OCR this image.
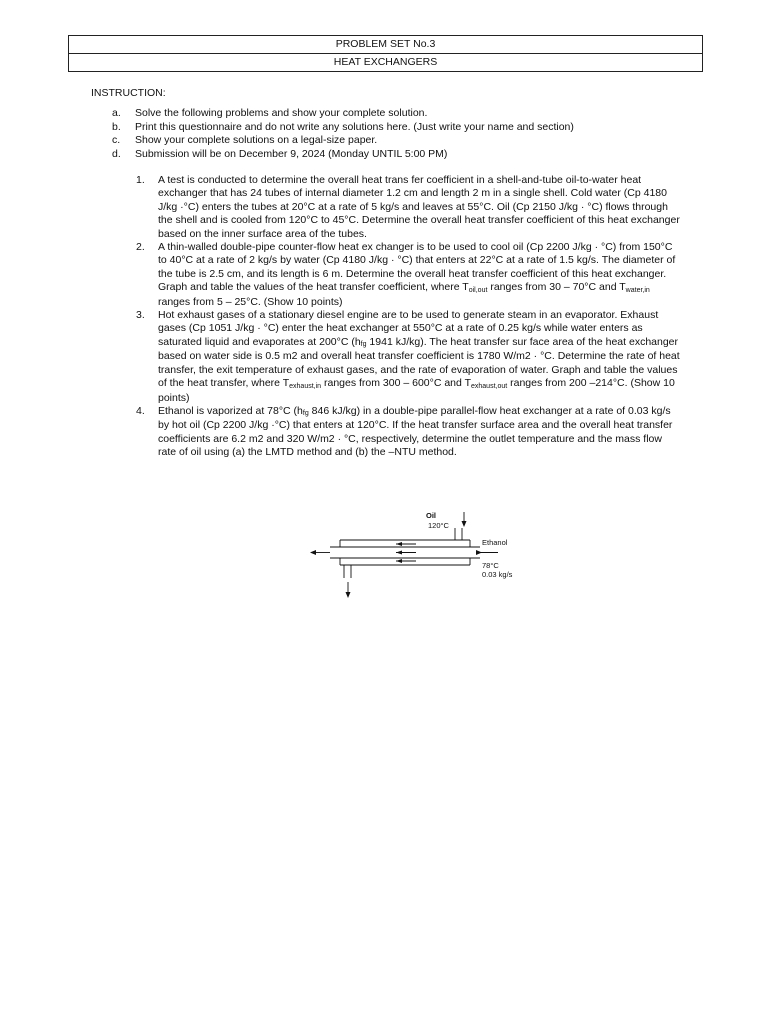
PROBLEM SET No.3
HEAT EXCHANGERS
INSTRUCTION:
a.	Solve the following problems and show your complete solution.
b.	Print this questionnaire and do not write any solutions here. (Just write your name and section)
c.	Show your complete solutions on a legal-size paper.
d.	Submission will be on December 9, 2024 (Monday UNTIL 5:00 PM)
1.	A test is conducted to determine the overall heat trans fer coefficient in a shell-and-tube oil-to-water heat exchanger that has 24 tubes of internal diameter 1.2 cm and length 2 m in a single shell. Cold water (Cp 4180 J/kg ·°C) enters the tubes at 20°C at a rate of 5 kg/s and leaves at 55°C. Oil (Cp 2150 J/kg · °C) flows through the shell and is cooled from 120°C to 45°C. Determine the overall heat transfer coefficient of this heat exchanger based on the inner surface area of the tubes.
2.	A thin-walled double-pipe counter-flow heat ex changer is to be used to cool oil (Cp 2200 J/kg · °C) from 150°C to 40°C at a rate of 2 kg/s by water (Cp 4180 J/kg · °C) that enters at 22°C at a rate of 1.5 kg/s. The diameter of the tube is 2.5 cm, and its length is 6 m. Determine the overall heat transfer coefficient of this heat exchanger. Graph and table the values of the heat transfer coefficient, where $T_{oil,out}$ ranges from 30 – 70°C and $T_{water,in}$ ranges from 5 – 25°C. (Show 10 points)
3.	Hot exhaust gases of a stationary diesel engine are to be used to generate steam in an evaporator. Exhaust gases (Cp 1051 J/kg · °C) enter the heat exchanger at 550°C at a rate of 0.25 kg/s while water enters as saturated liquid and evaporates at 200°C ($h_{fg}$ 1941 kJ/kg). The heat transfer sur face area of the heat exchanger based on water side is 0.5 m2 and overall heat transfer coefficient is 1780 W/m2 · °C. Determine the rate of heat transfer, the exit temperature of exhaust gases, and the rate of evaporation of water. Graph and table the values of the heat transfer, where $T_{exhaust,in}$ ranges from 300 – 600°C and $T_{exhaust,out}$ ranges from 200 –214°C. (Show 10 points)
4.	Ethanol is vaporized at 78°C ($h_{fg}$ 846 kJ/kg) in a double-pipe parallel-flow heat exchanger at a rate of 0.03 kg/s by hot oil (Cp 2200 J/kg ·°C) that enters at 120°C. If the heat transfer surface area and the overall heat transfer coefficients are 6.2 m2 and 320 W/m2 · °C, respectively, determine the outlet temperature and the mass flow rate of oil using (a) the LMTD method and (b) the –NTU method.
Oil
120°C
Ethanol
78°C
0.03 kg/s
